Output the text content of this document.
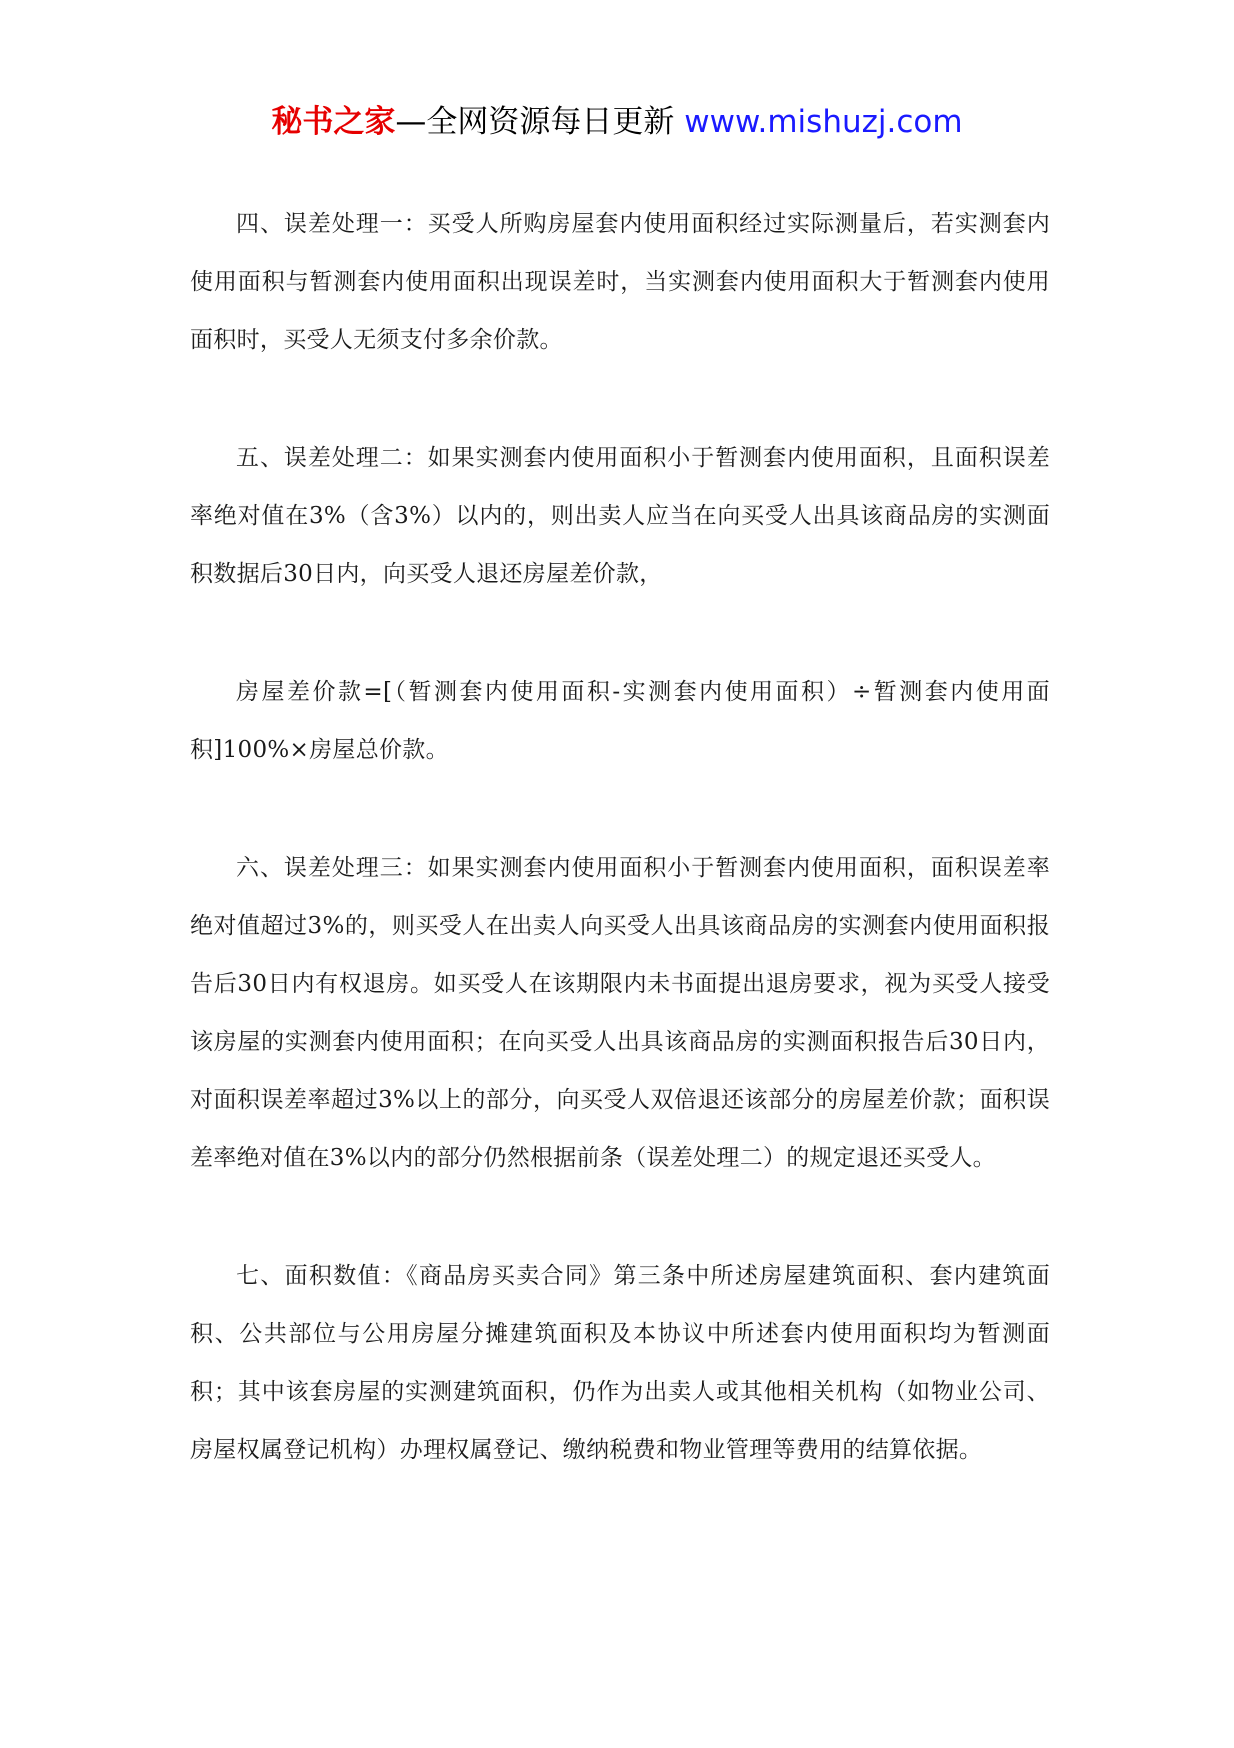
秘书之家—全网资源每日更新 www.mishuzj.com

四、误差处理一：买受人所购房屋套内使用面积经过实际测量后，若实测套内使用面积与暂测套内使用面积出现误差时，当实测套内使用面积大于暂测套内使用面积时，买受人无须支付多余价款。

五、误差处理二：如果实测套内使用面积小于暂测套内使用面积，且面积误差率绝对值在3%（含3%）以内的，则出卖人应当在向买受人出具该商品房的实测面积数据后30日内，向买受人退还房屋差价款，

房屋差价款=[（暂测套内使用面积-实测套内使用面积）÷暂测套内使用面积]100%×房屋总价款。

六、误差处理三：如果实测套内使用面积小于暂测套内使用面积，面积误差率绝对值超过3%的，则买受人在出卖人向买受人出具该商品房的实测套内使用面积报告后30日内有权退房。如买受人在该期限内未书面提出退房要求，视为买受人接受该房屋的实测套内使用面积；在向买受人出具该商品房的实测面积报告后30日内，对面积误差率超过3%以上的部分，向买受人双倍退还该部分的房屋差价款；面积误差率绝对值在3%以内的部分仍然根据前条（误差处理二）的规定退还买受人。

七、面积数值：《商品房买卖合同》第三条中所述房屋建筑面积、套内建筑面积、公共部位与公用房屋分摊建筑面积及本协议中所述套内使用面积均为暂测面积；其中该套房屋的实测建筑面积，仍作为出卖人或其他相关机构（如物业公司、房屋权属登记机构）办理权属登记、缴纳税费和物业管理等费用的结算依据。
